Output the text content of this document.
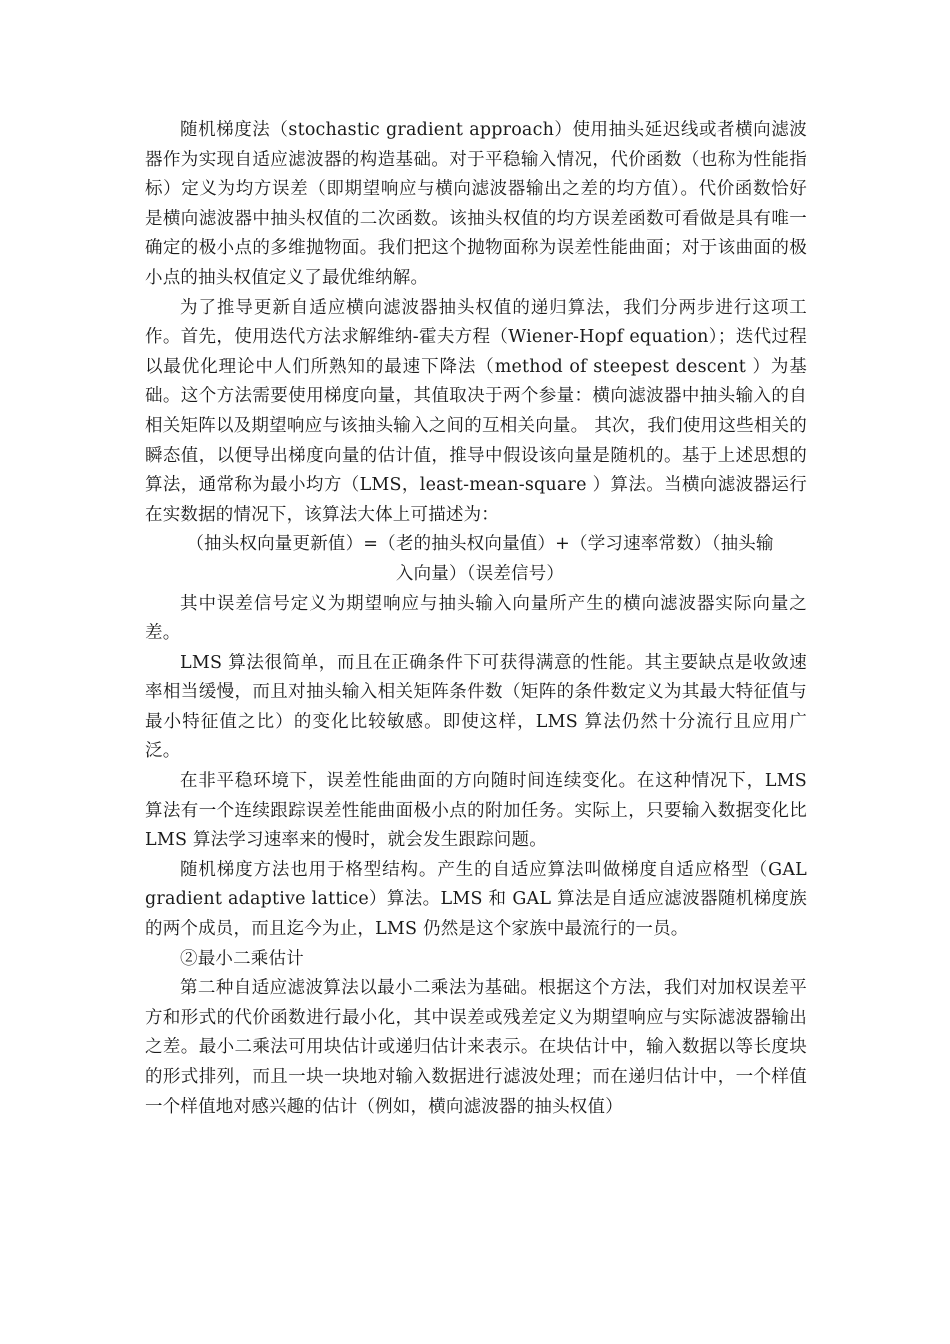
随机梯度法（stochastic gradient approach）使用抽头延迟线或者横向滤波器作为实现自适应滤波器的构造基础。对于平稳输入情况，代价函数（也称为性能指标）定义为均方误差（即期望响应与横向滤波器输出之差的均方值）。代价函数恰好是横向滤波器中抽头权值的二次函数。该抽头权值的均方误差函数可看做是具有唯一确定的极小点的多维抛物面。我们把这个抛物面称为误差性能曲面；对于该曲面的极小点的抽头权值定义了最优维纳解。

为了推导更新自适应横向滤波器抽头权值的递归算法，我们分两步进行这项工作。首先，使用迭代方法求解维纳-霍夫方程（Wiener-Hopf equation）；迭代过程以最优化理论中人们所熟知的最速下降法（method of steepest descent ）为基础。这个方法需要使用梯度向量，其值取决于两个参量：横向滤波器中抽头输入的自相关矩阵以及期望响应与该抽头输入之间的互相关向量。 其次，我们使用这些相关的瞬态值，以便导出梯度向量的估计值，推导中假设该向量是随机的。基于上述思想的算法，通常称为最小均方（LMS，least-mean-square ）算法。当横向滤波器运行在实数据的情况下，该算法大体上可描述为：

（抽头权向量更新值）=（老的抽头权向量值）+（学习速率常数）（抽头输入向量）（误差信号）

其中误差信号定义为期望响应与抽头输入向量所产生的横向滤波器实际向量之差。

LMS 算法很简单，而且在正确条件下可获得满意的性能。其主要缺点是收敛速率相当缓慢，而且对抽头输入相关矩阵条件数（矩阵的条件数定义为其最大特征值与最小特征值之比）的变化比较敏感。即使这样，LMS 算法仍然十分流行且应用广泛。

在非平稳环境下，误差性能曲面的方向随时间连续变化。在这种情况下，LMS 算法有一个连续跟踪误差性能曲面极小点的附加任务。实际上，只要输入数据变化比 LMS 算法学习速率来的慢时，就会发生跟踪问题。

随机梯度方法也用于格型结构。产生的自适应算法叫做梯度自适应格型（GAL gradient adaptive lattice）算法。LMS 和 GAL 算法是自适应滤波器随机梯度族的两个成员，而且迄今为止，LMS 仍然是这个家族中最流行的一员。

②最小二乘估计

第二种自适应滤波算法以最小二乘法为基础。根据这个方法，我们对加权误差平方和形式的代价函数进行最小化，其中误差或残差定义为期望响应与实际滤波器输出之差。最小二乘法可用块估计或递归估计来表示。在块估计中，输入数据以等长度块的形式排列，而且一块一块地对输入数据进行滤波处理；而在递归估计中，一个样值一个样值地对感兴趣的估计（例如，横向滤波器的抽头权值）
